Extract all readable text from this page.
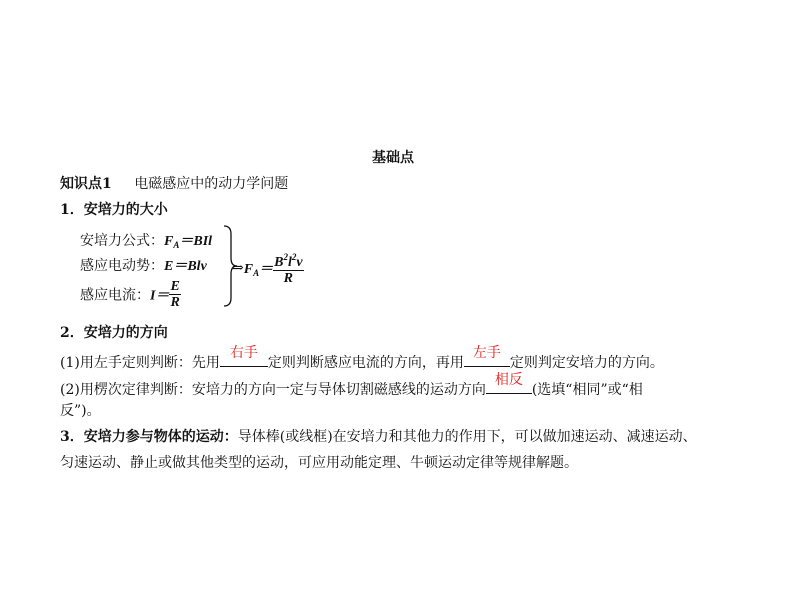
基础点
知识点1 电磁感应中的动力学问题
1．安培力的大小
安培力公式：$F_A=BIl$
感应电动势：E＝Blv
感应电流：$I= \frac{E}{R}$
$\Rightarrow F_A= \frac{B^2l^2v}{R}$
2．安培力的方向
(1)用左手定则判断：先用
右手
定则判断感应电流的方向，再用
左手
定则判定安培力的方向。
(2)用楞次定律判断：安培力的方向一定与导体切割磁感线的运动方向
相反
(选填“相同”或“相
反”)。
3．安培力参与物体的运动：导体棒(或线框)在安培力和其他力的作用下，可以做加速运动、减速运动、
匀速运动、静止或做其他类型的运动，可应用动能定理、牛顿运动定律等规律解题。
